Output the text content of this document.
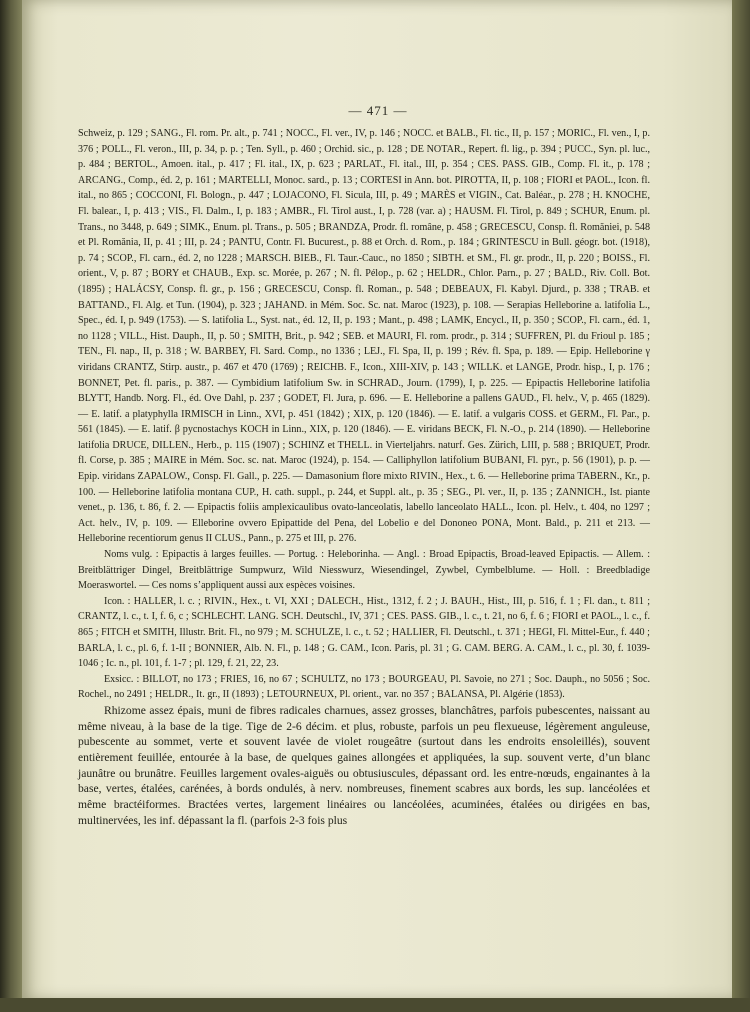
— 471 —

Schweiz, p. 129 ; SANG., Fl. rom. Pr. alt., p. 741 ; NOCC., Fl. ver., IV, p. 146 ; NOCC. et BALB., Fl. tic., II, p. 157 ; MORIC., Fl. ven., I, p. 376 ; POLL., Fl. veron., III, p. 34, p. p. ; Ten. Syll., p. 460 ; Orchid. sic., p. 128 ; DE NOTAR., Repert. fl. lig., p. 394 ; PUCC., Syn. pl. luc., p. 484 ; BERTOL., Amoen. ital., p. 417 ; Fl. ital., IX, p. 623 ; PARLAT., Fl. ital., III, p. 354 ; CES. PASS. GIB., Comp. Fl. it., p. 178 ; ARCANG., Comp., éd. 2, p. 161 ; MARTELLI, Monoc. sard., p. 13 ; CORTESI in Ann. bot. PIROTTA, II, p. 108 ; FIORI et PAOL., Icon. fl. ital., no 865 ; COCCONI, Fl. Bologn., p. 447 ; LOJACONO, Fl. Sicula, III, p. 49 ; MARÈS et VIGIN., Cat. Baléar., p. 278 ; H. KNOCHE, Fl. balear., I, p. 413 ; VIS., Fl. Dalm., I, p. 183 ; AMBR., Fl. Tirol aust., I, p. 728 (var. a) ; HAUSM. Fl. Tirol, p. 849 ; SCHUR, Enum. pl. Trans., no 3448, p. 649 ; SIMK., Enum. pl. Trans., p. 505 ; BRANDZA, Prodr. fl. române, p. 458 ; GRECESCU, Consp. fl. Romăniei, p. 548 et Pl. Romănia, II, p. 41 ; III, p. 24 ; PANTU, Contr. Fl. Bucurest., p. 88 et Orch. d. Rom., p. 184 ; GRINTESCU in Bull. géogr. bot. (1918), p. 74 ; SCOP., Fl. carn., éd. 2, no 1228 ; MARSCH. BIEB., Fl. Taur.-Cauc., no 1850 ; SIBTH. et SM., Fl. gr. prodr., II, p. 220 ; BOISS., Fl. orient., V, p. 87 ; BORY et CHAUB., Exp. sc. Morée, p. 267 ; N. fl. Pélop., p. 62 ; HELDR., Chlor. Parn., p. 27 ; BALD., Riv. Coll. Bot. (1895) ; HALÁCSY, Consp. fl. gr., p. 156 ; GRECESCU, Consp. fl. Roman., p. 548 ; DEBEAUX, Fl. Kabyl. Djurd., p. 338 ; TRAB. et BATTAND., Fl. Alg. et Tun. (1904), p. 323 ; JAHAND. in Mém. Soc. Sc. nat. Maroc (1923), p. 108. — Serapias Helleborine a. latifolia L., Spec., éd. I, p. 949 (1753). — S. latifolia L., Syst. nat., éd. 12, II, p. 193 ; Mant., p. 498 ; LAMK, Encycl., II, p. 350 ; SCOP., Fl. carn., éd. 1, no 1128 ; VILL., Hist. Dauph., II, p. 50 ; SMITH, Brit., p. 942 ; SEB. et MAURI, Fl. rom. prodr., p. 314 ; SUFFREN, Pl. du Frioul p. 185 ; TEN., Fl. nap., II, p. 318 ; W. BARBEY, Fl. Sard. Comp., no 1336 ; LEJ., Fl. Spa, II, p. 199 ; Rév. fl. Spa, p. 189. — Epip. Helleborine γ viridans CRANTZ, Stirp. austr., p. 467 et 470 (1769) ; REICHB. F., Icon., XIII-XIV, p. 143 ; WILLK. et LANGE, Prodr. hisp., I, p. 176 ; BONNET, Pet. fl. paris., p. 387. — Cymbidium latifolium Sw. in SCHRAD., Journ. (1799), I, p. 225. — Epipactis Helleborine latifolia BLYTT, Handb. Norg. Fl., éd. Ove Dahl, p. 237 ; GODET, Fl. Jura, p. 696. — E. Helleborine a pallens GAUD., Fl. helv., V, p. 465 (1829). — E. latif. a platyphylla IRMISCH in Linn., XVI, p. 451 (1842) ; XIX, p. 120 (1846). — E. latif. a vulgaris COSS. et GERM., Fl. Par., p. 561 (1845). — E. latif. β pycnostachys KOCH in Linn., XIX, p. 120 (1846). — E. viridans BECK, Fl. N.-O., p. 214 (1890). — Helleborine latifolia DRUCE, DILLEN., Herb., p. 115 (1907) ; SCHINZ et THELL. in Vierteljahrs. naturf. Ges. Zürich, LIII, p. 588 ; BRIQUET, Prodr. fl. Corse, p. 385 ; MAIRE in Mém. Soc. sc. nat. Maroc (1924), p. 154. — Calliphyllon latifolium BUBANI, Fl. pyr., p. 56 (1901), p. p. — Epip. viridans ZAPALOW., Consp. Fl. Gall., p. 225. — Damasonium flore mixto RIVIN., Hex., t. 6. — Helleborine prima TABERN., Kr., p. 100. — Helleborine latifolia montana CUP., H. cath. suppl., p. 244, et Suppl. alt., p. 35 ; SEG., Pl. ver., II, p. 135 ; ZANNICH., Ist. piante venet., p. 136, t. 86, f. 2. — Epipactis foliis amplexicaulibus ovato-lanceolatis, labello lanceolato HALL., Icon. pl. Helv., t. 404, no 1297 ; Act. helv., IV, p. 109. — Elleborine ovvero Epipattide del Pena, del Lobelio e del Dononeo PONA, Mont. Bald., p. 211 et 213. — Helleborine recentiorum genus II CLUS., Pann., p. 275 et III, p. 276.

Noms vulg. : Epipactis à larges feuilles. — Portug. : Heleborinha. — Angl. : Broad Epipactis, Broad-leaved Epipactis. — Allem. : Breitblättriger Dingel, Breitblättrige Sumpwurz, Wild Niesswurz, Wiesendingel, Zywbel, Cymbelblume. — Holl. : Breedbladige Moeraswortel. — Ces noms s’appliquent aussi aux espèces voisines.

Icon. : HALLER, l. c. ; RIVIN., Hex., t. VI, XXI ; DALECH., Hist., 1312, f. 2 ; J. BAUH., Hist., III, p. 516, f. 1 ; Fl. dan., t. 811 ; CRANTZ, l. c., t. I, f. 6, c ; SCHLECHT. LANG. SCH. Deutschl., IV, 371 ; CES. PASS. GIB., l. c., t. 21, no 6, f. 6 ; FIORI et PAOL., l. c., f. 865 ; FITCH et SMITH, Illustr. Brit. Fl., no 979 ; M. SCHULZE, l. c., t. 52 ; HALLIER, Fl. Deutschl., t. 371 ; HEGI, Fl. Mittel-Eur., f. 440 ; BARLA, l. c., pl. 6, f. 1-II ; BONNIER, Alb. N. Fl., p. 148 ; G. CAM., Icon. Paris, pl. 31 ; G. CAM. BERG. A. CAM., l. c., pl. 30, f. 1039-1046 ; Ic. n., pl. 101, f. 1-7 ; pl. 129, f. 21, 22, 23.

Exsicc. : BILLOT, no 173 ; FRIES, 16, no 67 ; SCHULTZ, no 173 ; BOURGEAU, Pl. Savoie, no 271 ; Soc. Dauph., no 5056 ; Soc. Rochel., no 2491 ; HELDR., It. gr., II (1893) ; LETOURNEUX, Pl. orient., var. no 357 ; BALANSA, Pl. Algérie (1853).

Rhizome assez épais, muni de fibres radicales charnues, assez grosses, blanchâtres, parfois pubescentes, naissant au même niveau, à la base de la tige. Tige de 2-6 décim. et plus, robuste, parfois un peu flexueuse, légèrement anguleuse, pubescente au sommet, verte et souvent lavée de violet rougeâtre (surtout dans les endroits ensoleillés), souvent entièrement feuillée, entourée à la base, de quelques gaines allongées et appliquées, la sup. souvent verte, d’un blanc jaunâtre ou brunâtre. Feuilles largement ovales-aiguës ou obtusiuscules, dépassant ord. les entre-nœuds, engainantes à la base, vertes, étalées, carénées, à bords ondulés, à nerv. nombreuses, finement scabres aux bords, les sup. lancéolées et même bractéiformes. Bractées vertes, largement linéaires ou lancéolées, acuminées, étalées ou dirigées en bas, multinervées, les inf. dépassant la fl. (parfois 2-3 fois plus
